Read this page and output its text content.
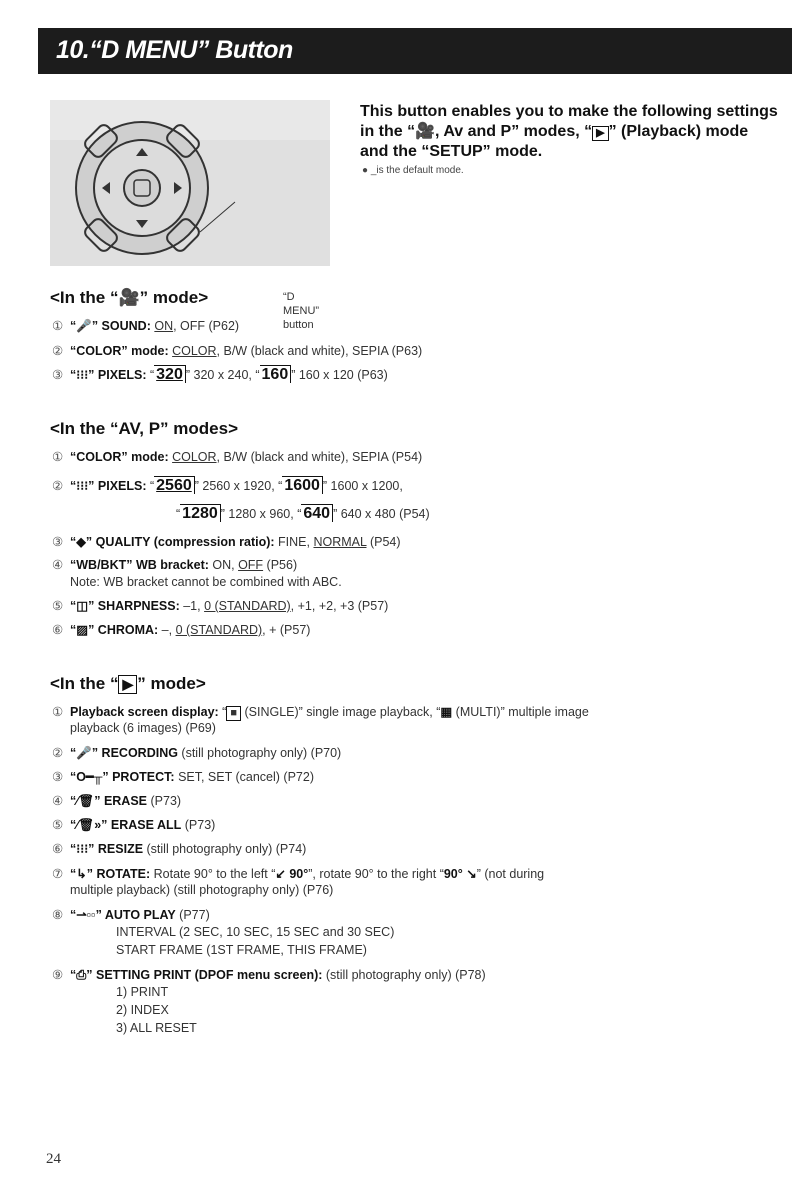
10.“D MENU” Button
“D MENU”
button
This button enables you to make the following settings in the “🎥, Av and P” modes, “ ▶ ” (Playback) mode and the “SETUP” mode.
● _is the default mode.
<In the “🎥” mode>
① “🎤” SOUND: ON, OFF (P62)
② “COLOR” mode: COLOR, B/W (black and white), SEPIA (P63)
③ “⁝⁝⁝” PIXELS: “ 320 ” 320 x 240, “ 160 ” 160 x 120 (P63)
<In the “AV, P” modes>
① “COLOR” mode: COLOR, B/W (black and white), SEPIA (P54)
② “⁝⁝⁝” PIXELS: “ 2560 ” 2560 x 1920, “ 1600 ” 1600 x 1200,
“ 1280 ” 1280 x 960, “ 640 ” 640 x 480 (P54)
③ “◆” QUALITY (compression ratio): FINE, NORMAL (P54)
④ “WB/BKT” WB bracket: ON, OFF (P56)
Note: WB bracket cannot be combined with ABC.
⑤ “◫” SHARPNESS: –1, 0 (STANDARD), +1, +2, +3 (P57)
⑥ “▨” CHROMA: –, 0 (STANDARD), + (P57)
<In the “ ▶ ” mode>
① Playback screen display: “ ■ (SINGLE)” single image playback, “▦ (MULTI)” multiple image
playback (6 images) (P69)
② “🎤” RECORDING (still photography only) (P70)
③ “O━╥” PROTECT: SET, SET (cancel) (P72)
④ “⁄🗑” ERASE (P73)
⑤ “⁄🗑»” ERASE ALL (P73)
⑥ “⁝⁝⁝” RESIZE (still photography only) (P74)
⑦ “↳” ROTATE: Rotate 90° to the left “↙ 90°”, rotate 90° to the right “90° ↘” (not during
multiple playback) (still photography only) (P76)
⑧ “⇀▫▫” AUTO PLAY (P77)
INTERVAL (2 SEC, 10 SEC, 15 SEC and 30 SEC)
START FRAME (1ST FRAME, THIS FRAME)
⑨ “⎙” SETTING PRINT (DPOF menu screen): (still photography only) (P78)
1) PRINT
2) INDEX
3) ALL RESET
24
